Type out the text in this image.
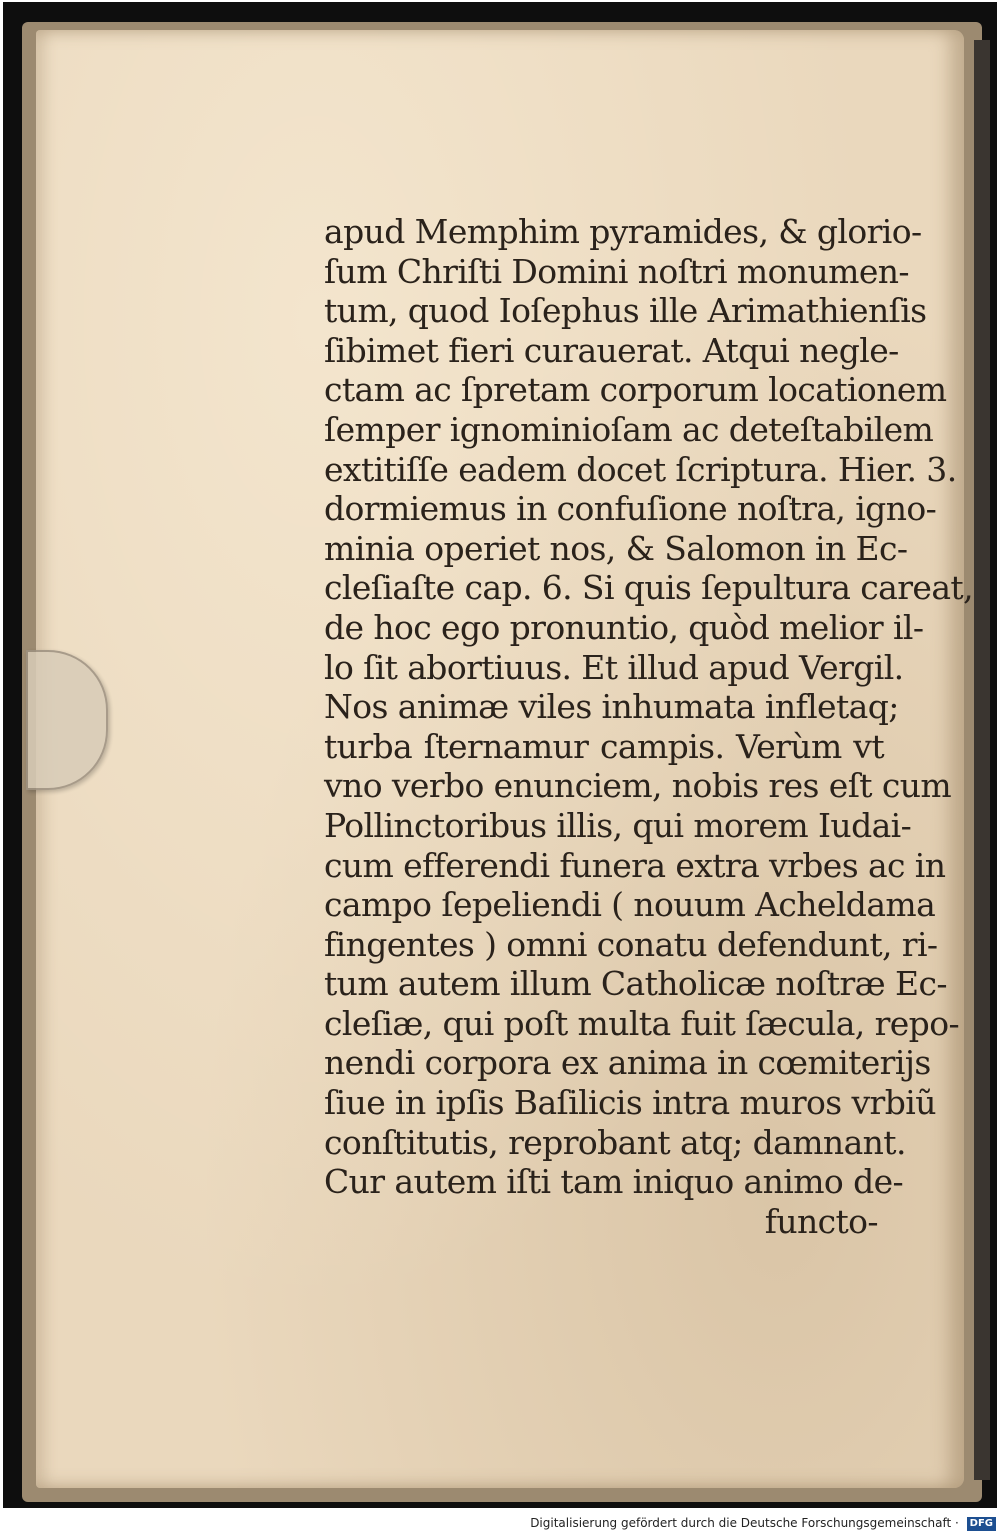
apud Memphim pyramides, & glorio-
ſum Chriſti Domini noſtri monumen-
tum, quod Ioſephus ille Arimathienſis
ſibimet fieri curauerat. Atqui negle-
ctam ac ſpretam corporum locationem
ſemper ignominioſam ac deteſtabilem
extitiſſe eadem docet ſcriptura. Hier. 3.
dormiemus in confuſione noſtra, igno-
minia operiet nos, & Salomon in Ec-
cleſiaſte cap. 6. Si quis ſepultura careat,
de hoc ego pronuntio, quòd melior il-
lo ſit abortiuus. Et illud apud Vergil.
Nos animæ viles inhumata infletaq;
turba ſternamur campis. Verùm vt
vno verbo enunciem, nobis res eſt cum
Pollinctoribus illis, qui morem Iudai-
cum efferendi funera extra vrbes ac in
campo ſepeliendi ( nouum Acheldama
fingentes ) omni conatu defendunt, ri-
tum autem illum Catholicæ noſtræ Ec-
cleſiæ, qui poſt multa fuit ſæcula, repo-
nendi corpora ex anima in cœmiterijs
ſiue in ipſis Baſilicis intra muros vrbiũ
conſtitutis, reprobant atq; damnant.
Cur autem iſti tam iniquo animo de-
functo-
Digitalisierung gefördert durch die Deutsche Forschungsgemeinschaft · DFG
